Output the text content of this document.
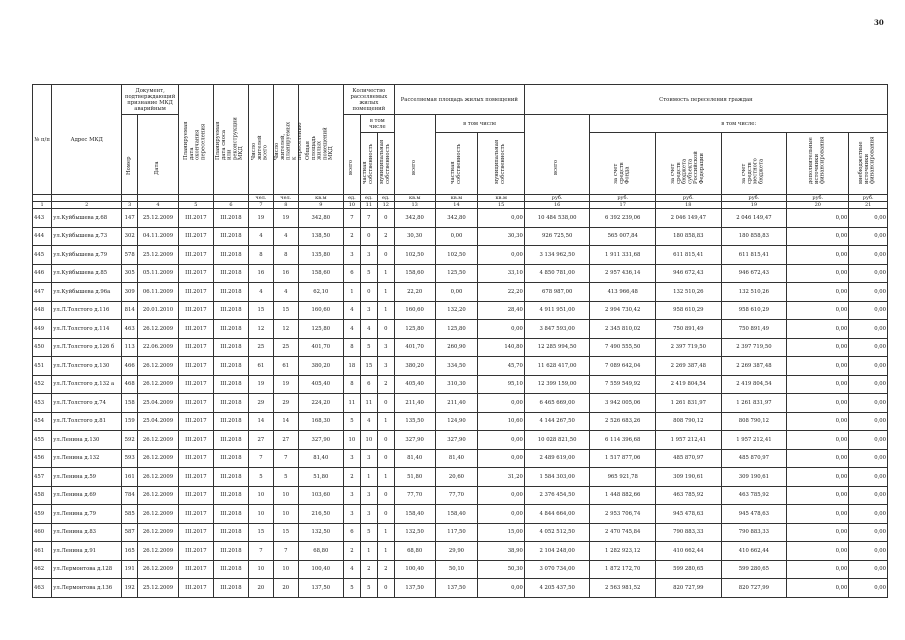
30
№ п/п	Адрес МКД	Документ, подтверждающий признание МКД аварийным		Планируемая дата окончания переселения	Планируемая дата сноса или реконструкции МКД	Число жителей всего	Число жителей, планируемых к переселению	Общая площадь жилых помещений МКД	Количество расселяемых жилых помещений			Расселяемая площадь жилых помещений			Стоимость переселения граждан					

		Номер	Дата						всего	в том числе		всего	в том числе		всего	в том числе:				

										частная собственность	муниципальная собственность		частная собственность	муниципальная собственность		за счет средств Фонда	за счет средств бюджета субъекта Российской Федерации	за счет средств местного бюджета	дополнительные источники финансирования	внебюджетные источники финансирования

						чел.	чел.	кв.м	ед.	ед.	ед.	кв.м	кв.м	кв.м	руб.	руб.	руб.	руб.	руб.	руб.
1	2	3	4	5	6	7	8	9	10	11	12	13	14	15	16	17	18	19	20	21
443	ул.Куйбышева д.68	147	25.12.2009	III.2017	III.2018	19	19	342,80	7	7	0	342,80	342,80	0,00	10 484 538,00	6 392 239,06	2 046 149,47	2 046 149,47	0,00	0,00
444	ул.Куйбышева д.73	302	04.11.2009	III.2017	III.2018	4	4	138,50	2	0	2	30,30	0,00	30,30	926 725,50	565 007,84	180 858,83	180 858,83	0,00	0,00
445	ул.Куйбышева д.79	578	25.12.2009	III.2017	III.2018	8	8	135,80	3	3	0	102,50	102,50	0,00	3 134 962,50	1 911 331,68	611 815,41	611 815,41	0,00	0,00
446	ул.Куйбышева д.85	305	05.11.2009	III.2017	III.2018	16	16	158,60	6	5	1	158,60	125,50	33,10	4 850 781,00	2 957 436,14	946 672,43	946 672,43	0,00	0,00
447	ул.Куйбышева д.96а	309	06.11.2009	III.2017	III.2018	4	4	62,10	1	0	1	22,20	0,00	22,20	678 987,00	413 966,48	132 510,26	132 510,26	0,00	0,00
448	ул.Л.Толстого д.116	814	20.01.2010	III.2017	III.2018	15	15	160,60	4	3	1	160,60	132,20	28,40	4 911 951,00	2 994 730,42	958 610,29	958 610,29	0,00	0,00
449	ул.Л.Толстого д.114	463	26.12.2009	III.2017	III.2018	12	12	125,80	4	4	0	125,80	125,80	0,00	3 847 593,00	2 345 810,02	750 891,49	750 891,49	0,00	0,00
450	ул.Л.Толстого д.126 б	113	22.06.2009	III.2017	III.2018	25	25	401,70	8	5	3	401,70	260,90	140,80	12 285 994,50	7 490 555,50	2 397 719,50	2 397 719,50	0,00	0,00
451	ул.Л.Толстого д.130	466	26.12.2009	III.2017	III.2018	61	61	380,20	18	15	3	380,20	334,50	45,70	11 628 417,00	7 089 642,04	2 269 387,48	2 269 387,48	0,00	0,00
452	ул.Л.Толстого д.132 а	468	26.12.2009	III.2017	III.2018	19	19	405,40	8	6	2	405,40	310,30	95,10	12 399 159,00	7 559 549,92	2 419 804,54	2 419 804,54	0,00	0,00
453	ул.Л.Толстого д.74	158	25.04.2009	III.2017	III.2018	29	29	224,20	11	11	0	211,40	211,40	0,00	6 465 669,00	3 942 005,06	1 261 831,97	1 261 831,97	0,00	0,00
454	ул.Л.Толстого д.81	159	25.04.2009	III.2017	III.2018	14	14	168,30	5	4	1	135,50	124,90	10,60	4 144 267,50	2 526 683,26	808 790,12	808 790,12	0,00	0,00
455	ул.Ленина д.130	592	26.12.2009	III.2017	III.2018	27	27	327,90	10	10	0	327,90	327,90	0,00	10 028 821,50	6 114 396,68	1 957 212,41	1 957 212,41	0,00	0,00
456	ул.Ленина д.132	593	26.12.2009	III.2017	III.2018	7	7	81,40	3	3	0	81,40	81,40	0,00	2 489 619,00	1 517 877,06	485 870,97	485 870,97	0,00	0,00
457	ул.Ленина д.59	161	26.12.2009	III.2017	III.2018	5	5	51,80	2	1	1	51,80	20,60	31,20	1 584 303,00	965 921,78	309 190,61	309 190,61	0,00	0,00
458	ул.Ленина д.69	784	26.12.2009	III.2017	III.2018	10	10	103,60	3	3	0	77,70	77,70	0,00	2 376 454,50	1 448 882,66	463 785,92	463 785,92	0,00	0,00
459	ул.Ленина д.79	585	26.12.2009	III.2017	III.2018	10	10	216,50	3	3	0	158,40	158,40	0,00	4 844 664,00	2 953 706,74	945 478,63	945 478,63	0,00	0,00
460	ул.Ленина д.83	587	26.12.2009	III.2017	III.2018	15	15	132,50	6	5	1	132,50	117,50	15,00	4 052 512,50	2 470 745,84	790 883,33	790 883,33	0,00	0,00
461	ул.Ленина д.91	165	26.12.2009	III.2017	III.2018	7	7	68,80	2	1	1	68,80	29,90	38,90	2 104 248,00	1 282 923,12	410 662,44	410 662,44	0,00	0,00
462	ул.Лермонтова д.128	191	26.12.2009	III.2017	III.2018	10	10	100,40	4	2	2	100,40	50,10	50,30	3 070 734,00	1 872 172,70	599 280,65	599 280,65	0,00	0,00
463	ул.Лермонтова д.136	192	25.12.2009	III.2017	III.2018	20	20	137,50	5	5	0	137,50	137,50	0,00	4 205 437,50	2 563 981,52	820 727,99	820 727,99	0,00	0,00
